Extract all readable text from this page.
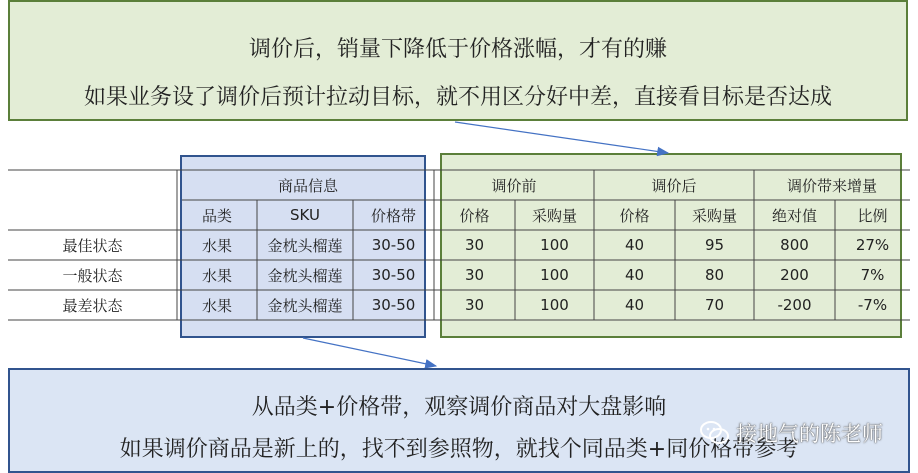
调价后，销量下降低于价格涨幅，才有的赚
如果业务设了调价后预计拉动目标，就不用区分好中差，直接看目标是否达成
商品信息	调价前	调价后	调价带来增量
品类	SKU	价格带	价格	采购量	价格	采购量	绝对值	比例
最佳状态	水果	金枕头榴莲	30-50	30	100	40	95	800	27%
一般状态	水果	金枕头榴莲	30-50	30	100	40	80	200	7%
最差状态	水果	金枕头榴莲	30-50	30	100	40	70	-200	-7%
从品类+价格带，观察调价商品对大盘影响
如果调价商品是新上的，找不到参照物，就找个同品类+同价格带参考
接地气的陈老师
